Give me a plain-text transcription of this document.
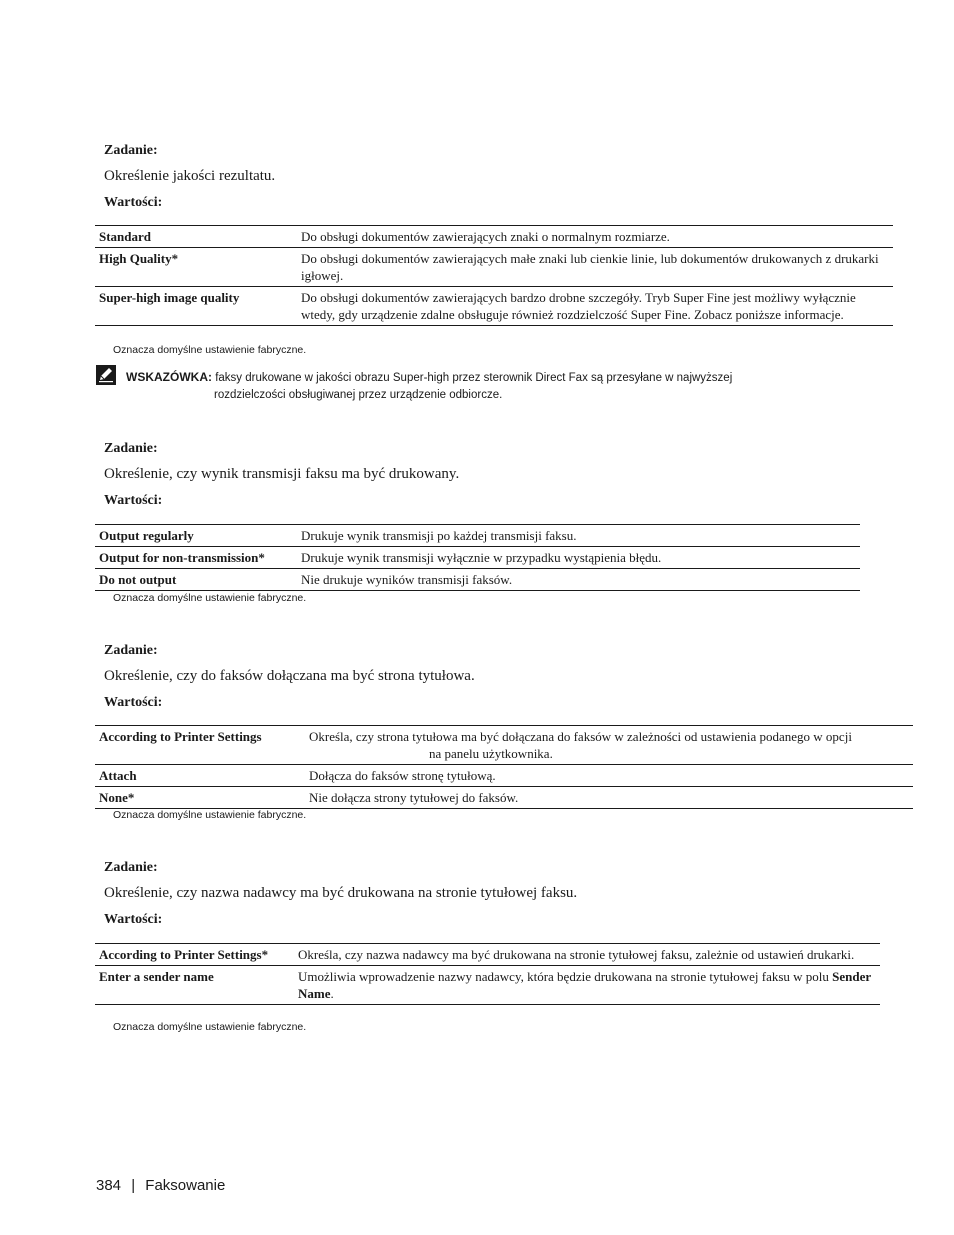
Zadanie:
Określenie jakości rezultatu.
Wartości:
Standard	Do obsługi dokumentów zawierających znaki o normalnym rozmiarze.
High Quality*	Do obsługi dokumentów zawierających małe znaki lub cienkie linie, lub dokumentów drukowanych z drukarki igłowej.
Super-high image quality	Do obsługi dokumentów zawierających bardzo drobne szczegóły. Tryb Super Fine jest możliwy wyłącznie wtedy, gdy urządzenie zdalne obsługuje również rozdzielczość Super Fine. Zobacz poniższe informacje.
Oznacza domyślne ustawienie fabryczne.
WSKAZÓWKA: faksy drukowane w jakości obrazu Super-high przez sterownik Direct Fax są przesyłane w najwyższej
rozdzielczości obsługiwanej przez urządzenie odbiorcze.
Zadanie:
Określenie, czy wynik transmisji faksu ma być drukowany.
Wartości:
Output regularly	Drukuje wynik transmisji po każdej transmisji faksu.
Output for non-transmission*	Drukuje wynik transmisji wyłącznie w przypadku wystąpienia błędu.
Do not output	Nie drukuje wyników transmisji faksów.
Oznacza domyślne ustawienie fabryczne.
Zadanie:
Określenie, czy do faksów dołączana ma być strona tytułowa.
Wartości:
According to Printer Settings	Określa, czy strona tytułowa ma być dołączana do faksów w zależności od ustawienia podanego w opcjina panelu użytkownika.
Attach	Dołącza do faksów stronę tytułową.
None*	Nie dołącza strony tytułowej do faksów.
Oznacza domyślne ustawienie fabryczne.
Zadanie:
Określenie, czy nazwa nadawcy ma być drukowana na stronie tytułowej faksu.
Wartości:
According to Printer Settings*	Określa, czy nazwa nadawcy ma być drukowana na stronie tytułowej faksu, zależnie od ustawień drukarki.
Enter a sender name	Umożliwia wprowadzenie nazwy nadawcy, która będzie drukowana na stronie tytułowej faksu w polu Sender Name.
Oznacza domyślne ustawienie fabryczne.
384 | Faksowanie
